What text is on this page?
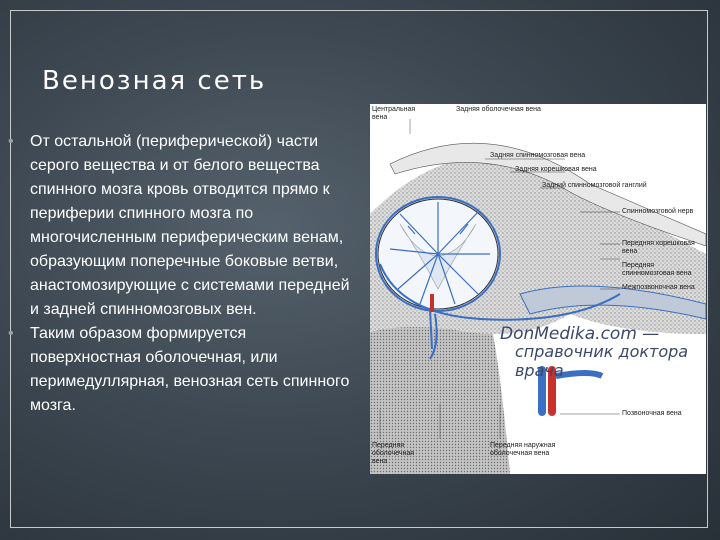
Венозная сеть
• От остальной (периферической) части серого вещества и от белого вещества спинного мозга кровь отводится прямо к периферии спинного мозга по многочисленным периферическим венам, образующим поперечные боковые ветви, анастомозирующие с системами передней и задней спинномозговых вен.
• Таким образом формируется поверхностная оболочечная, или перимедуллярная, венозная сеть спинного мозга.
Центральная вена
Задняя оболочечная вена
Задняя спинномозговая вена
Задняя корешковая вена
Задний спинномозговой ганглий
Спинномозговой нерв
Передняя корешковая вена
Передняя спинномозговая вена
Межпозвоночная вена
Позвоночная вена
Передняя оболочечная вена
Передняя наружная оболочечная вена
DonMedika.com —
справочник доктора врача
